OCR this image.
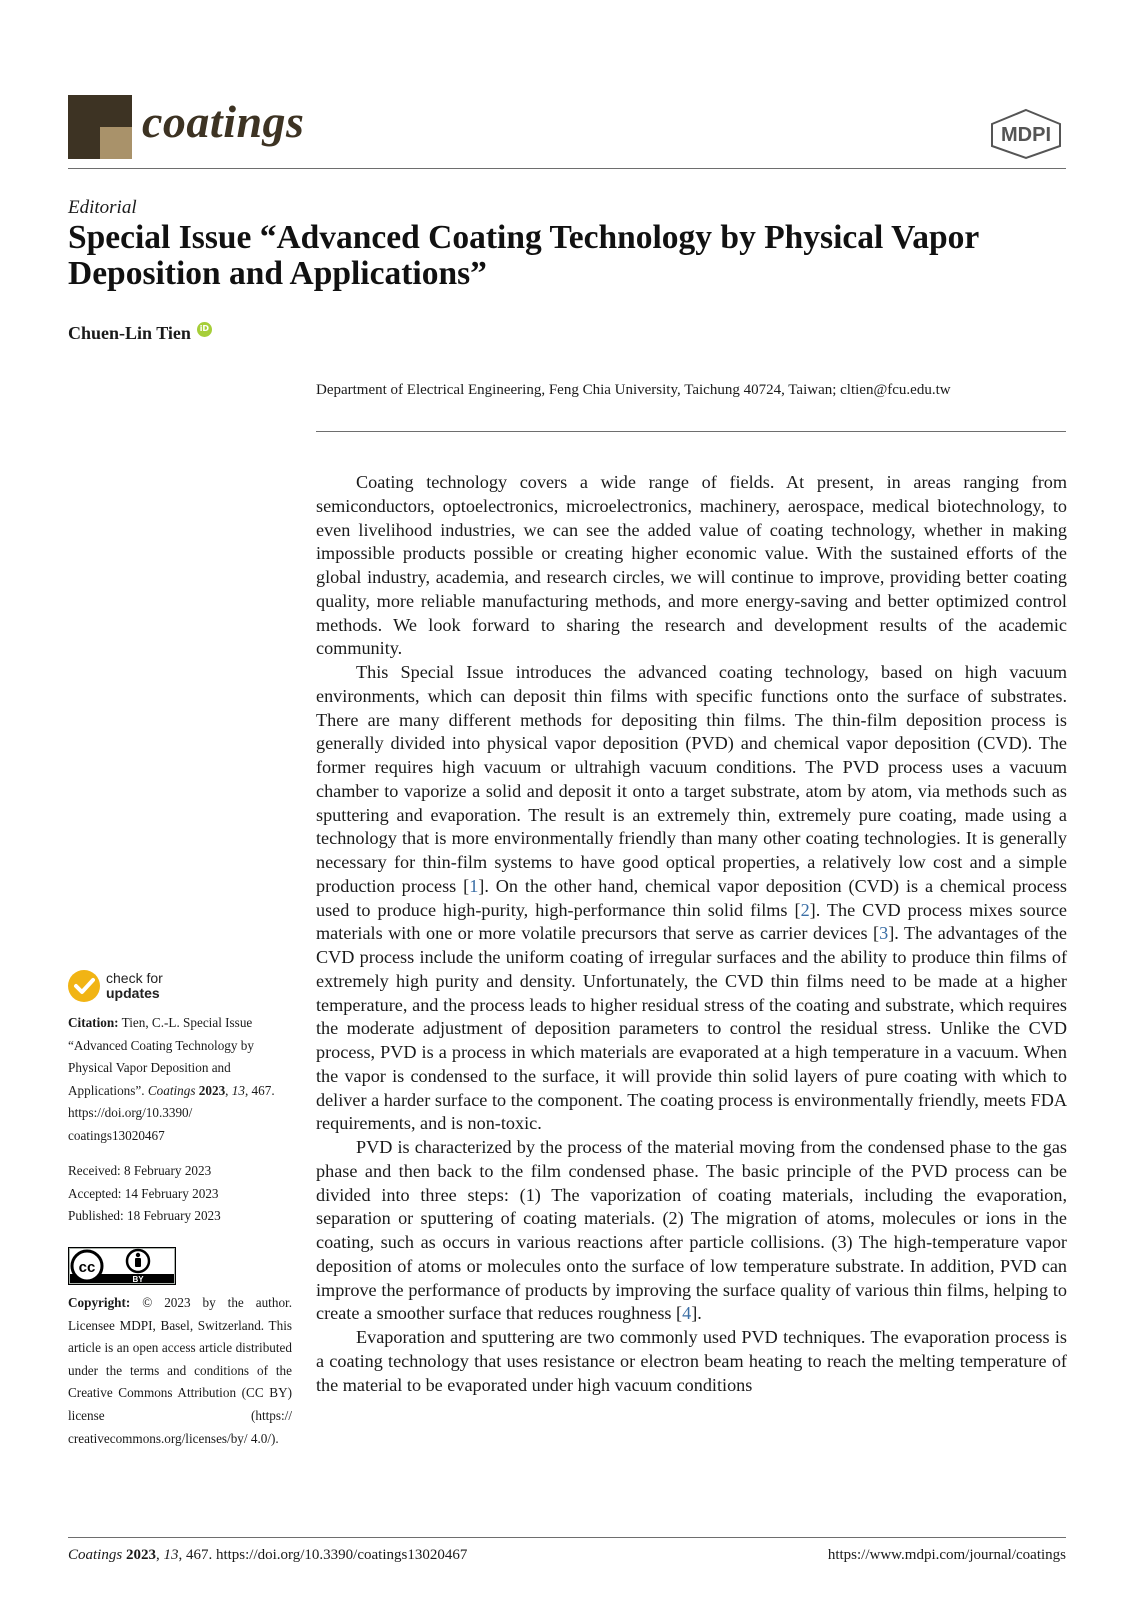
coatings	MDPI
Editorial
Special Issue “Advanced Coating Technology by Physical Vapor Deposition and Applications”
Chuen-Lin Tien	iD
Department of Electrical Engineering, Feng Chia University, Taichung 40724, Taiwan; cltien@fcu.edu.tw

Coating technology covers a wide range of fields. At present, in areas ranging from semiconductors, optoelectronics, microelectronics, machinery, aerospace, medical biotechnology, to even livelihood industries, we can see the added value of coating technology, whether in making impossible products possible or creating higher economic value. With the sustained efforts of the global industry, academia, and research circles, we will continue to improve, providing better coating quality, more reliable manufacturing methods, and more energy-saving and better optimized control methods. We look forward to sharing the research and development results of the academic community.

This Special Issue introduces the advanced coating technology, based on high vacuum environments, which can deposit thin films with specific functions onto the surface of substrates. There are many different methods for depositing thin films. The thin-film deposition process is generally divided into physical vapor deposition (PVD) and chemical vapor deposition (CVD). The former requires high vacuum or ultrahigh vacuum conditions. The PVD process uses a vacuum chamber to vaporize a solid and deposit it onto a target substrate, atom by atom, via methods such as sputtering and evaporation. The result is an extremely thin, extremely pure coating, made using a technology that is more environmentally friendly than many other coating technologies. It is generally necessary for thin-film systems to have good optical properties, a relatively low cost and a simple production process [1]. On the other hand, chemical vapor deposition (CVD) is a chemical process used to produce high-purity, high-performance thin solid films [2]. The CVD process mixes source materials with one or more volatile precursors that serve as carrier devices [3]. The advantages of the CVD process include the uniform coating of irregular surfaces and the ability to produce thin films of extremely high purity and density. Unfortunately, the CVD thin films need to be made at a higher temperature, and the process leads to higher residual stress of the coating and substrate, which requires the moderate adjustment of deposition parameters to control the residual stress. Unlike the CVD process, PVD is a process in which materials are evaporated at a high temperature in a vacuum. When the vapor is condensed to the surface, it will provide thin solid layers of pure coating with which to deliver a harder surface to the component. The coating process is environmentally friendly, meets FDA requirements, and is non-toxic.

PVD is characterized by the process of the material moving from the condensed phase to the gas phase and then back to the film condensed phase. The basic principle of the PVD process can be divided into three steps: (1) The vaporization of coating materials, including the evaporation, separation or sputtering of coating materials. (2) The migration of atoms, molecules or ions in the coating, such as occurs in various reactions after particle collisions. (3) The high-temperature vapor deposition of atoms or molecules onto the surface of low temperature substrate. In addition, PVD can improve the performance of products by improving the surface quality of various thin films, helping to create a smoother surface that reduces roughness [4].

Evaporation and sputtering are two commonly used PVD techniques. The evaporation process is a coating technology that uses resistance or electron beam heating to reach the melting temperature of the material to be evaporated under high vacuum conditions

check for
updates
Citation: Tien, C.-L. Special Issue “Advanced Coating Technology by Physical Vapor Deposition and Applications”. Coatings 2023, 13, 467. https://doi.org/10.3390/ coatings13020467
Received: 8 February 2023
Accepted: 14 February 2023
Published: 18 February 2023
cc
BY
Copyright: © 2023 by the author. Licensee MDPI, Basel, Switzerland. This article is an open access article distributed under the terms and conditions of the Creative Commons Attribution (CC BY) license (https:// creativecommons.org/licenses/by/ 4.0/).
Coatings 2023, 13, 467. https://doi.org/10.3390/coatings13020467	https://www.mdpi.com/journal/coatings
